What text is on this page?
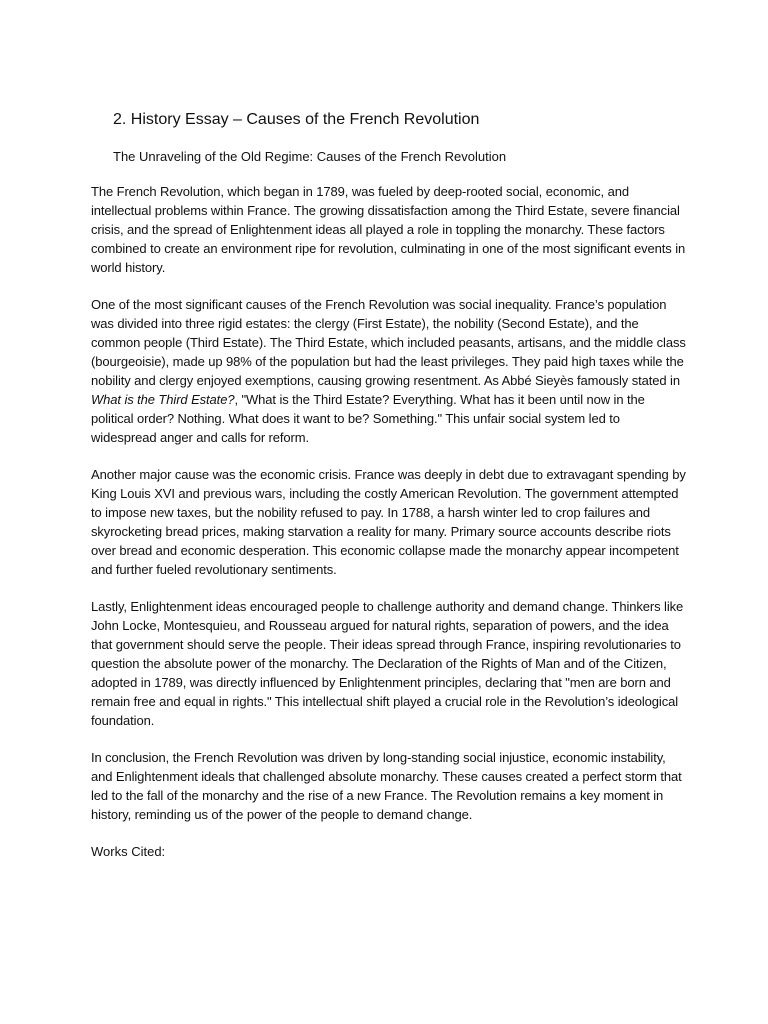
2. History Essay – Causes of the French Revolution
The Unraveling of the Old Regime: Causes of the French Revolution

The French Revolution, which began in 1789, was fueled by deep-rooted social, economic, and intellectual problems within France. The growing dissatisfaction among the Third Estate, severe financial crisis, and the spread of Enlightenment ideas all played a role in toppling the monarchy. These factors combined to create an environment ripe for revolution, culminating in one of the most significant events in world history.

One of the most significant causes of the French Revolution was social inequality. France’s population was divided into three rigid estates: the clergy (First Estate), the nobility (Second Estate), and the common people (Third Estate). The Third Estate, which included peasants, artisans, and the middle class (bourgeoisie), made up 98% of the population but had the least privileges. They paid high taxes while the nobility and clergy enjoyed exemptions, causing growing resentment. As Abbé Sieyès famously stated in What is the Third Estate?, "What is the Third Estate? Everything. What has it been until now in the political order? Nothing. What does it want to be? Something." This unfair social system led to widespread anger and calls for reform.

Another major cause was the economic crisis. France was deeply in debt due to extravagant spending by King Louis XVI and previous wars, including the costly American Revolution. The government attempted to impose new taxes, but the nobility refused to pay. In 1788, a harsh winter led to crop failures and skyrocketing bread prices, making starvation a reality for many. Primary source accounts describe riots over bread and economic desperation. This economic collapse made the monarchy appear incompetent and further fueled revolutionary sentiments.

Lastly, Enlightenment ideas encouraged people to challenge authority and demand change. Thinkers like John Locke, Montesquieu, and Rousseau argued for natural rights, separation of powers, and the idea that government should serve the people. Their ideas spread through France, inspiring revolutionaries to question the absolute power of the monarchy. The Declaration of the Rights of Man and of the Citizen, adopted in 1789, was directly influenced by Enlightenment principles, declaring that "men are born and remain free and equal in rights." This intellectual shift played a crucial role in the Revolution’s ideological foundation.

In conclusion, the French Revolution was driven by long-standing social injustice, economic instability, and Enlightenment ideals that challenged absolute monarchy. These causes created a perfect storm that led to the fall of the monarchy and the rise of a new France. The Revolution remains a key moment in history, reminding us of the power of the people to demand change.

Works Cited:
